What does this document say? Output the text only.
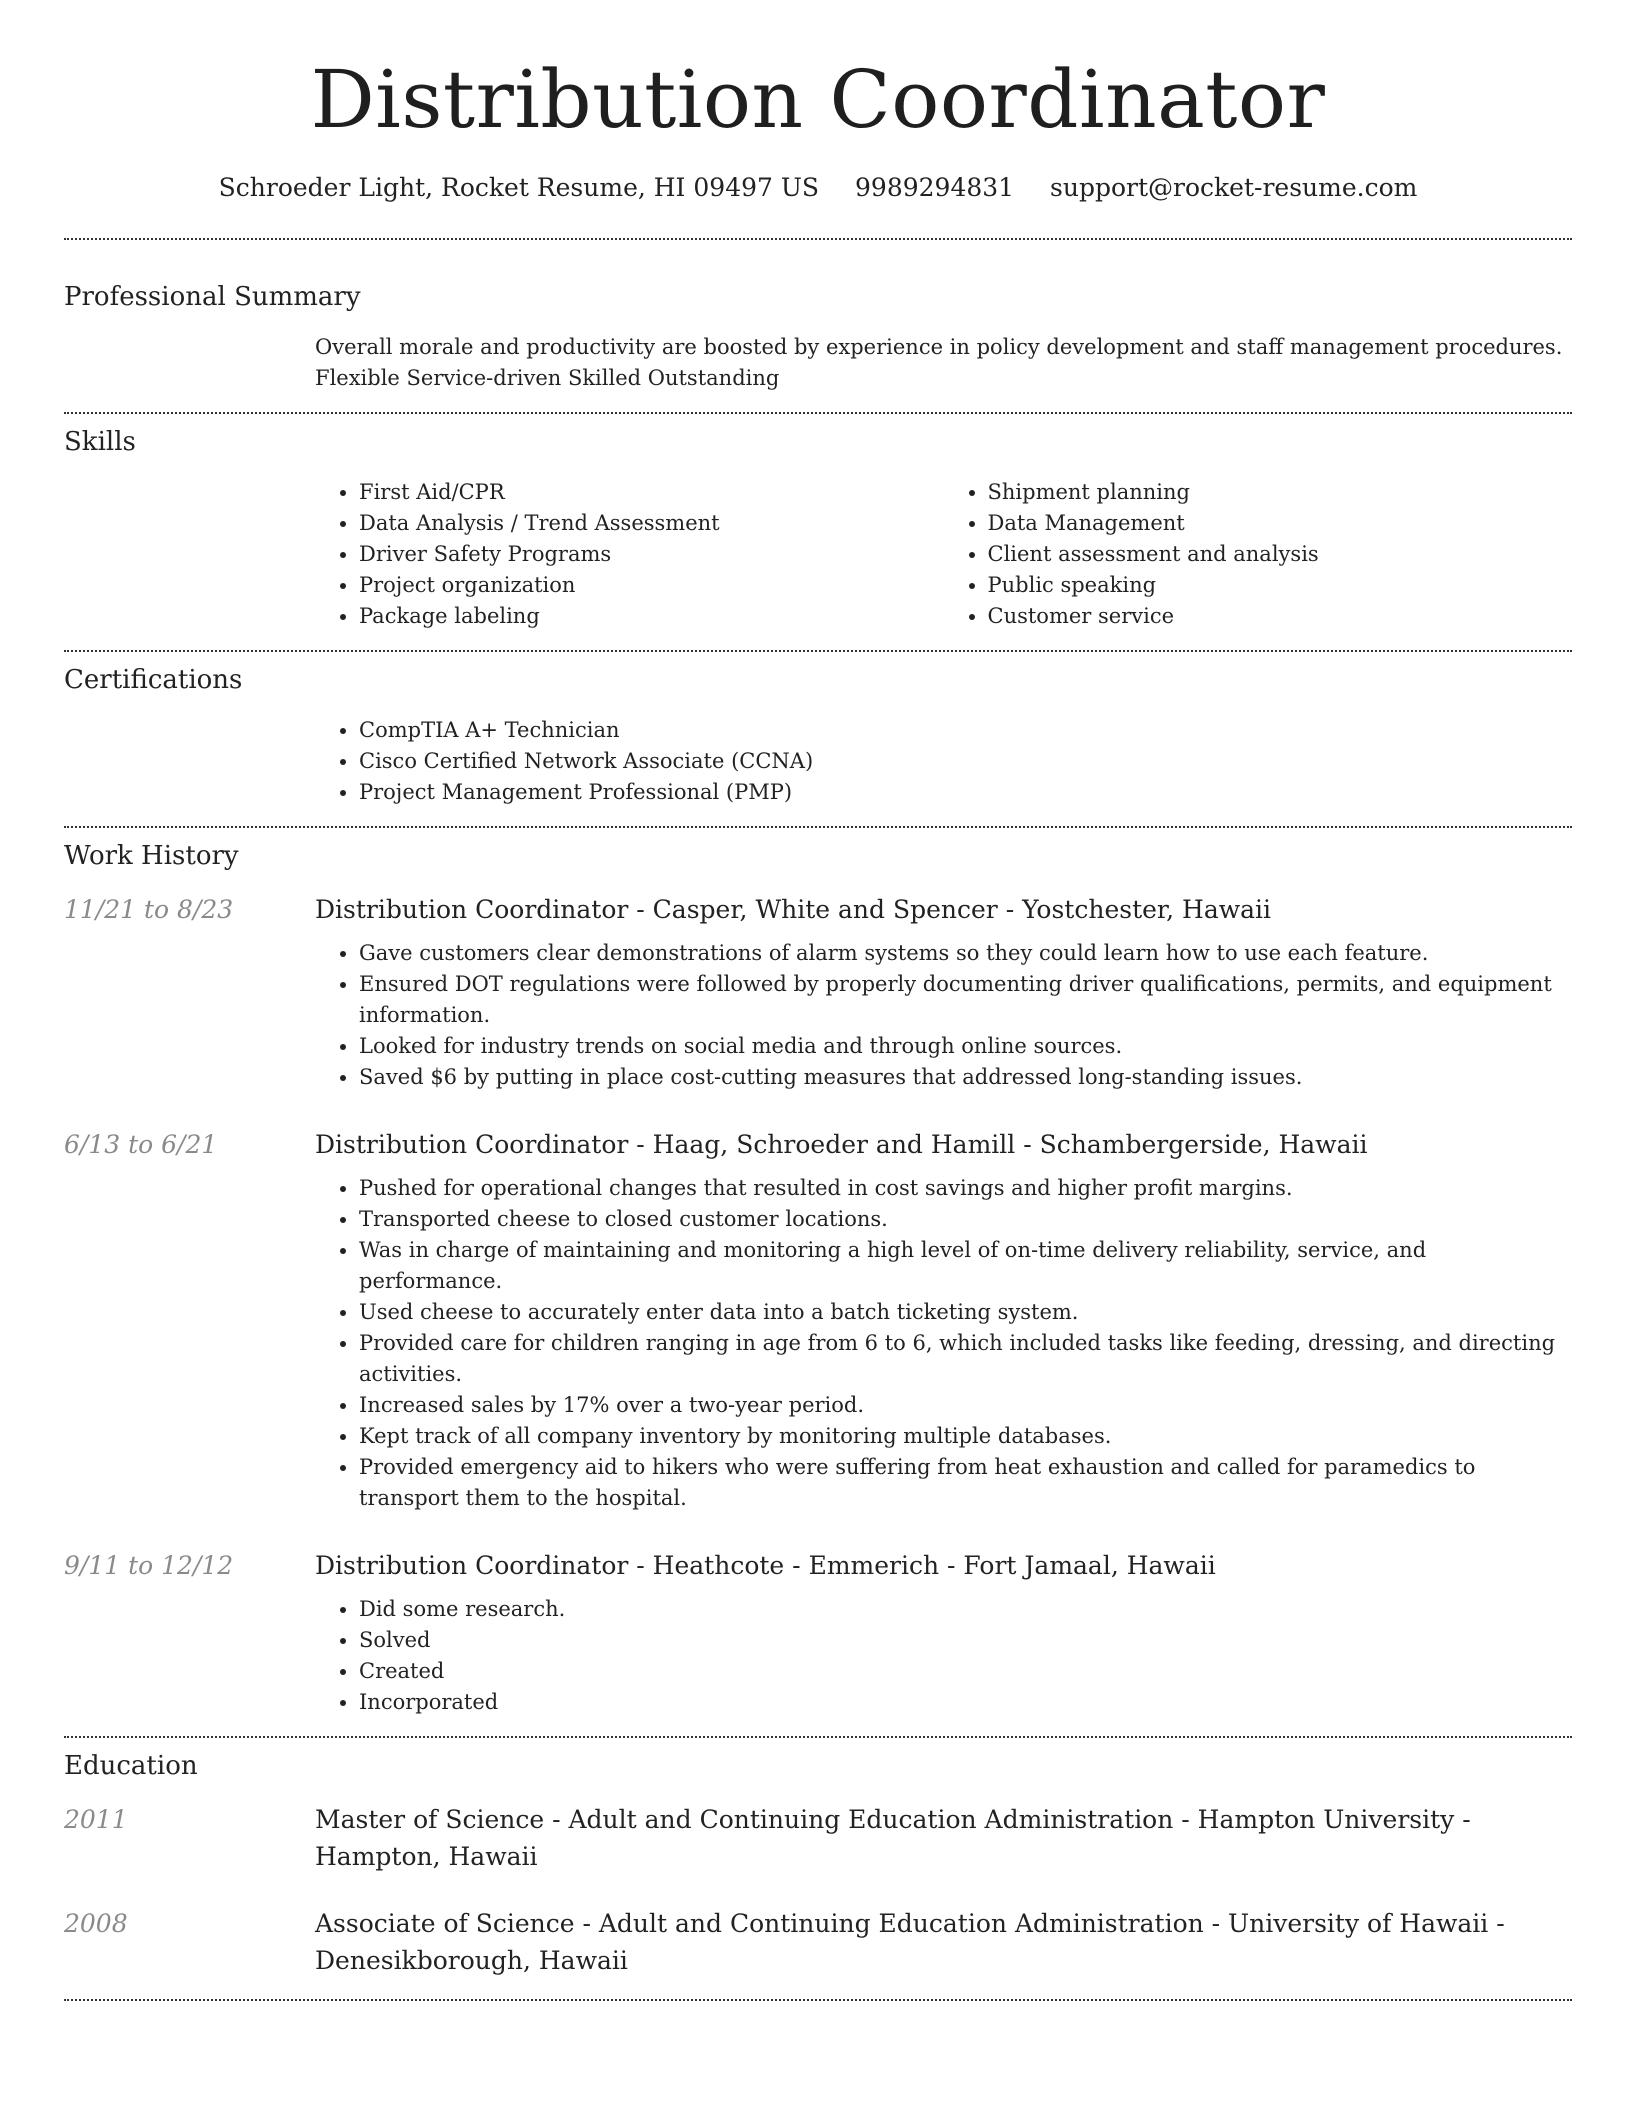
Distribution Coordinator
Schroeder Light, Rocket Resume, HI 09497 US 9989294831 support@rocket-resume.com
Professional Summary
Overall morale and productivity are boosted by experience in policy development and staff management procedures. Flexible Service-driven Skilled Outstanding
Skills
• First Aid/CPR
• Data Analysis / Trend Assessment
• Driver Safety Programs
• Project organization
• Package labeling
• Shipment planning
• Data Management
• Client assessment and analysis
• Public speaking
• Customer service
Certifications
• CompTIA A+ Technician
• Cisco Certified Network Associate (CCNA)
• Project Management Professional (PMP)
Work History
11/21 to 8/23	Distribution Coordinator - Casper, White and Spencer - Yostchester, Hawaii
• Gave customers clear demonstrations of alarm systems so they could learn how to use each feature.
• Ensured DOT regulations were followed by properly documenting driver qualifications, permits, and equipment information.
• Looked for industry trends on social media and through online sources.
• Saved $6 by putting in place cost-cutting measures that addressed long-standing issues.
6/13 to 6/21	Distribution Coordinator - Haag, Schroeder and Hamill - Schambergerside, Hawaii
• Pushed for operational changes that resulted in cost savings and higher profit margins.
• Transported cheese to closed customer locations.
• Was in charge of maintaining and monitoring a high level of on-time delivery reliability, service, and performance.
• Used cheese to accurately enter data into a batch ticketing system.
• Provided care for children ranging in age from 6 to 6, which included tasks like feeding, dressing, and directing activities.
• Increased sales by 17% over a two-year period.
• Kept track of all company inventory by monitoring multiple databases.
• Provided emergency aid to hikers who were suffering from heat exhaustion and called for paramedics to transport them to the hospital.
9/11 to 12/12	Distribution Coordinator - Heathcote - Emmerich - Fort Jamaal, Hawaii
• Did some research.
• Solved
• Created
• Incorporated
Education
2011	Master of Science - Adult and Continuing Education Administration - Hampton University - Hampton, Hawaii
2008	Associate of Science - Adult and Continuing Education Administration - University of Hawaii - Denesikborough, Hawaii
